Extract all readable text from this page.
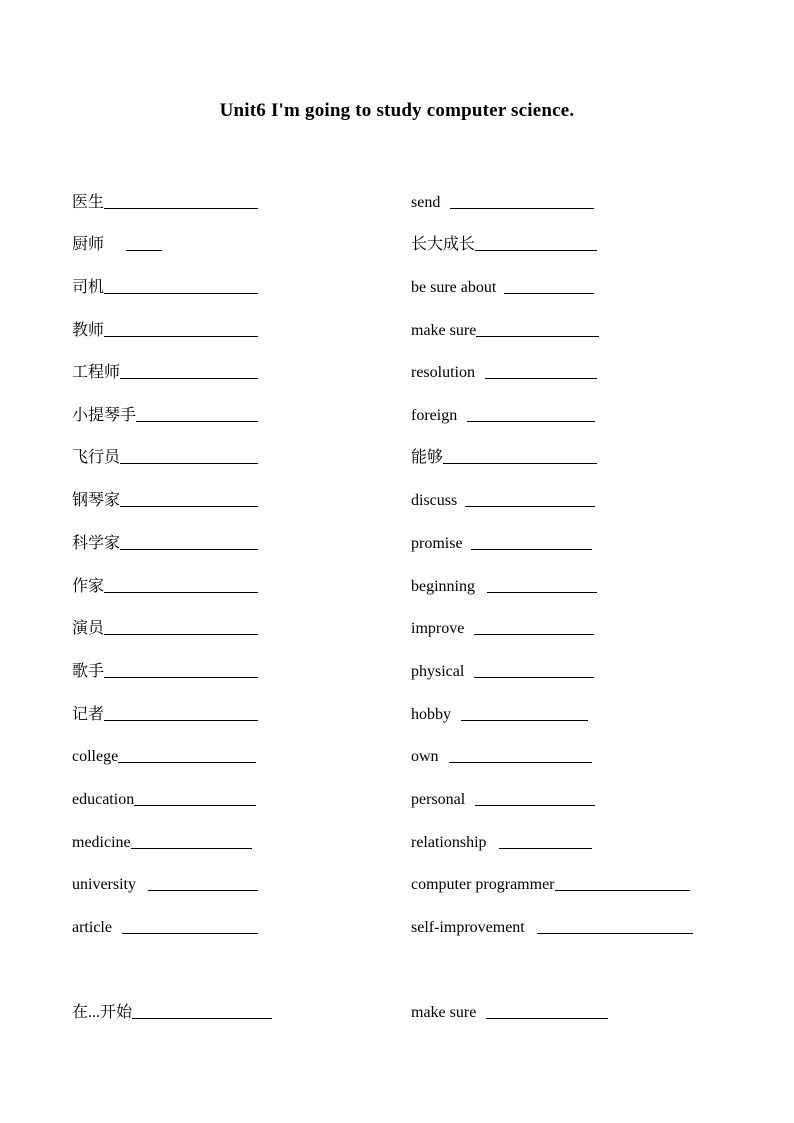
Unit6 I'm going to study computer science.
医生
厨师
司机
教师
工程师
小提琴手
飞行员
钢琴家
科学家
作家
演员
歌手
记者
college
education
medicine
university
article
在...开始
send
长大成长
be sure about
make sure
resolution
foreign
能够
discuss
promise
beginning
improve
physical
hobby
own
personal
relationship
computer programmer
self-improvement
make sure
